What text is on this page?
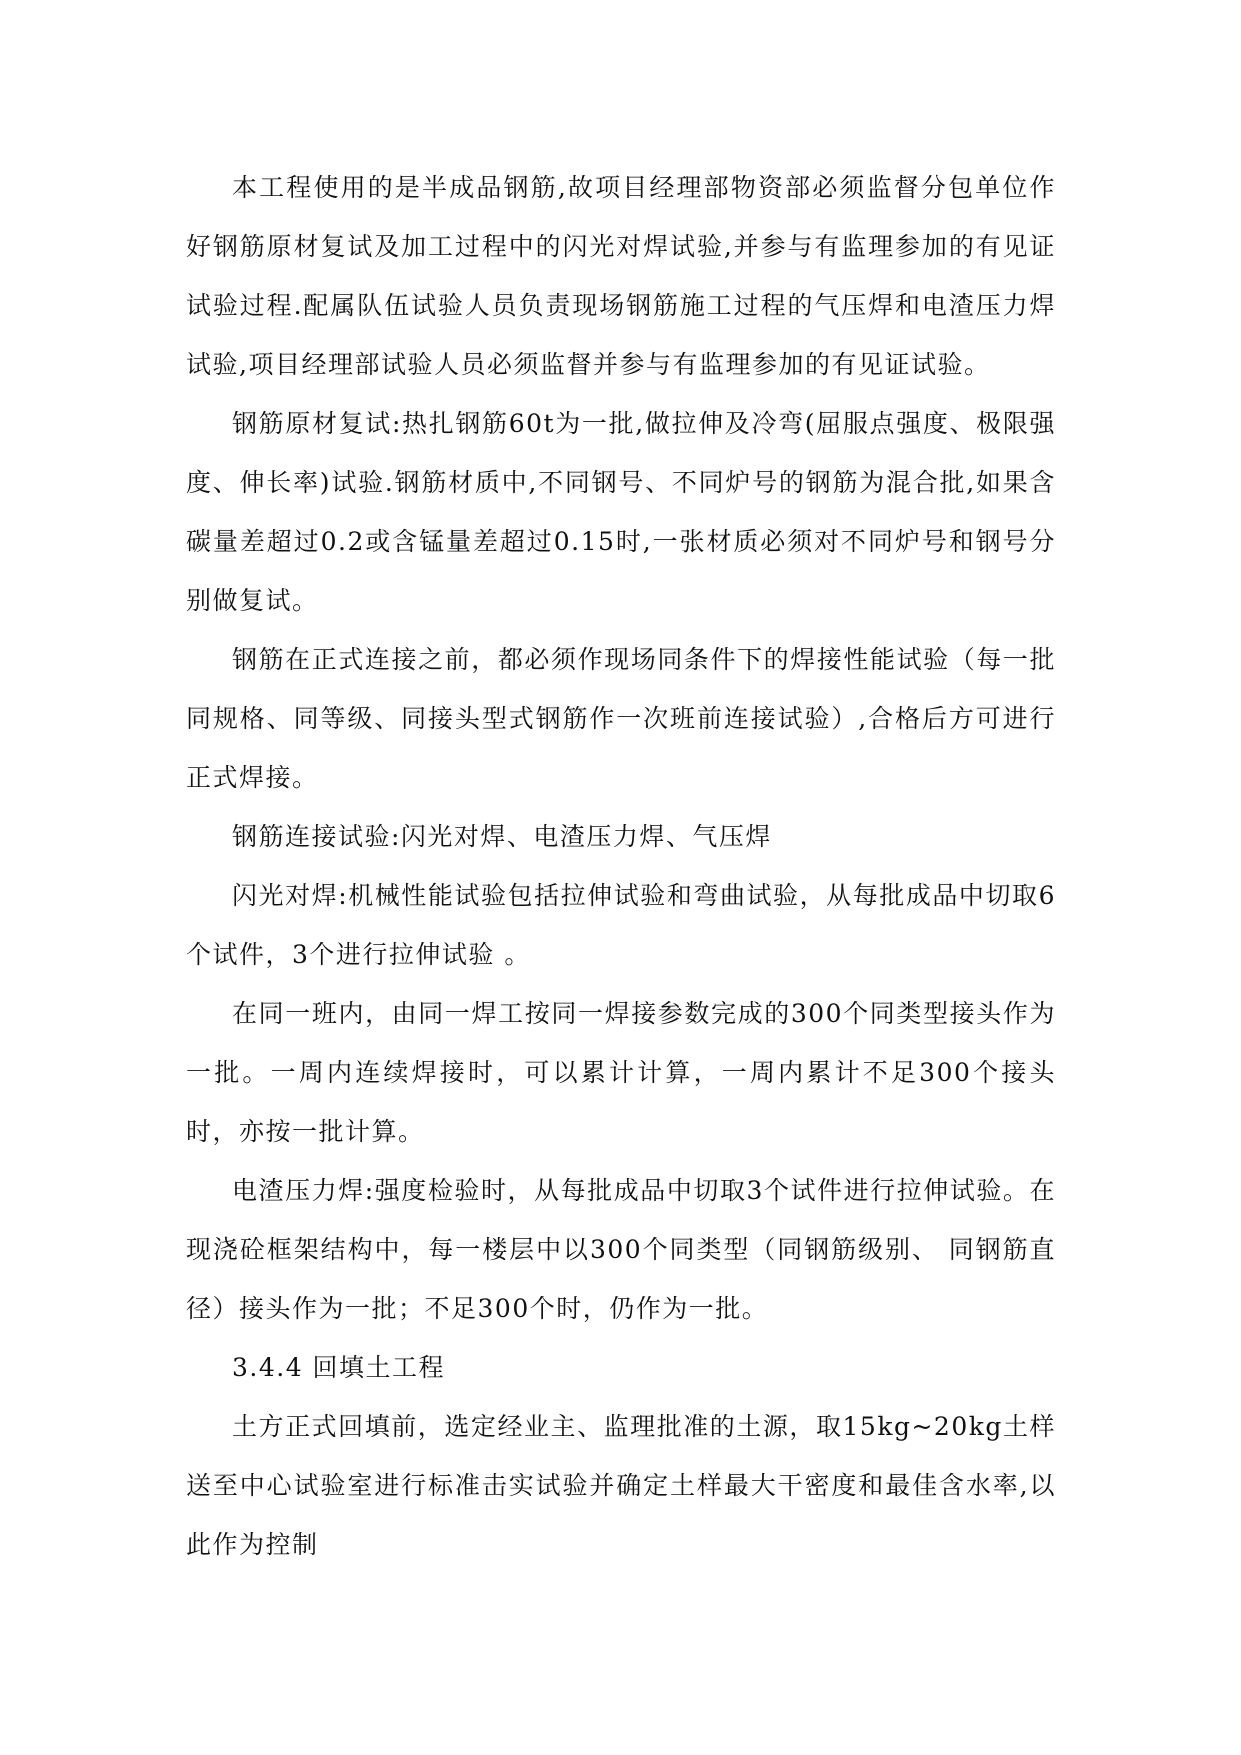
本工程使用的是半成品钢筋,故项目经理部物资部必须监督分包单位作好钢筋原材复试及加工过程中的闪光对焊试验,并参与有监理参加的有见证试验过程.配属队伍试验人员负责现场钢筋施工过程的气压焊和电渣压力焊试验,项目经理部试验人员必须监督并参与有监理参加的有见证试验。

钢筋原材复试:热扎钢筋60t为一批,做拉伸及冷弯(屈服点强度、极限强度、伸长率)试验.钢筋材质中,不同钢号、不同炉号的钢筋为混合批,如果含碳量差超过0.2或含锰量差超过0.15时,一张材质必须对不同炉号和钢号分别做复试。

钢筋在正式连接之前，都必须作现场同条件下的焊接性能试验（每一批同规格、同等级、同接头型式钢筋作一次班前连接试验）,合格后方可进行正式焊接。

钢筋连接试验:闪光对焊、电渣压力焊、气压焊

闪光对焊:机械性能试验包括拉伸试验和弯曲试验，从每批成品中切取6个试件，3个进行拉伸试验 。

在同一班内，由同一焊工按同一焊接参数完成的300个同类型接头作为一批。一周内连续焊接时，可以累计计算，一周内累计不足300个接头时，亦按一批计算。

电渣压力焊:强度检验时，从每批成品中切取3个试件进行拉伸试验。在现浇砼框架结构中，每一楼层中以300个同类型（同钢筋级别、 同钢筋直径）接头作为一批；不足300个时，仍作为一批。

3.4.4 回填土工程

土方正式回填前，选定经业主、监理批准的土源，取15kg~20kg土样送至中心试验室进行标准击实试验并确定土样最大干密度和最佳含水率,以此作为控制
